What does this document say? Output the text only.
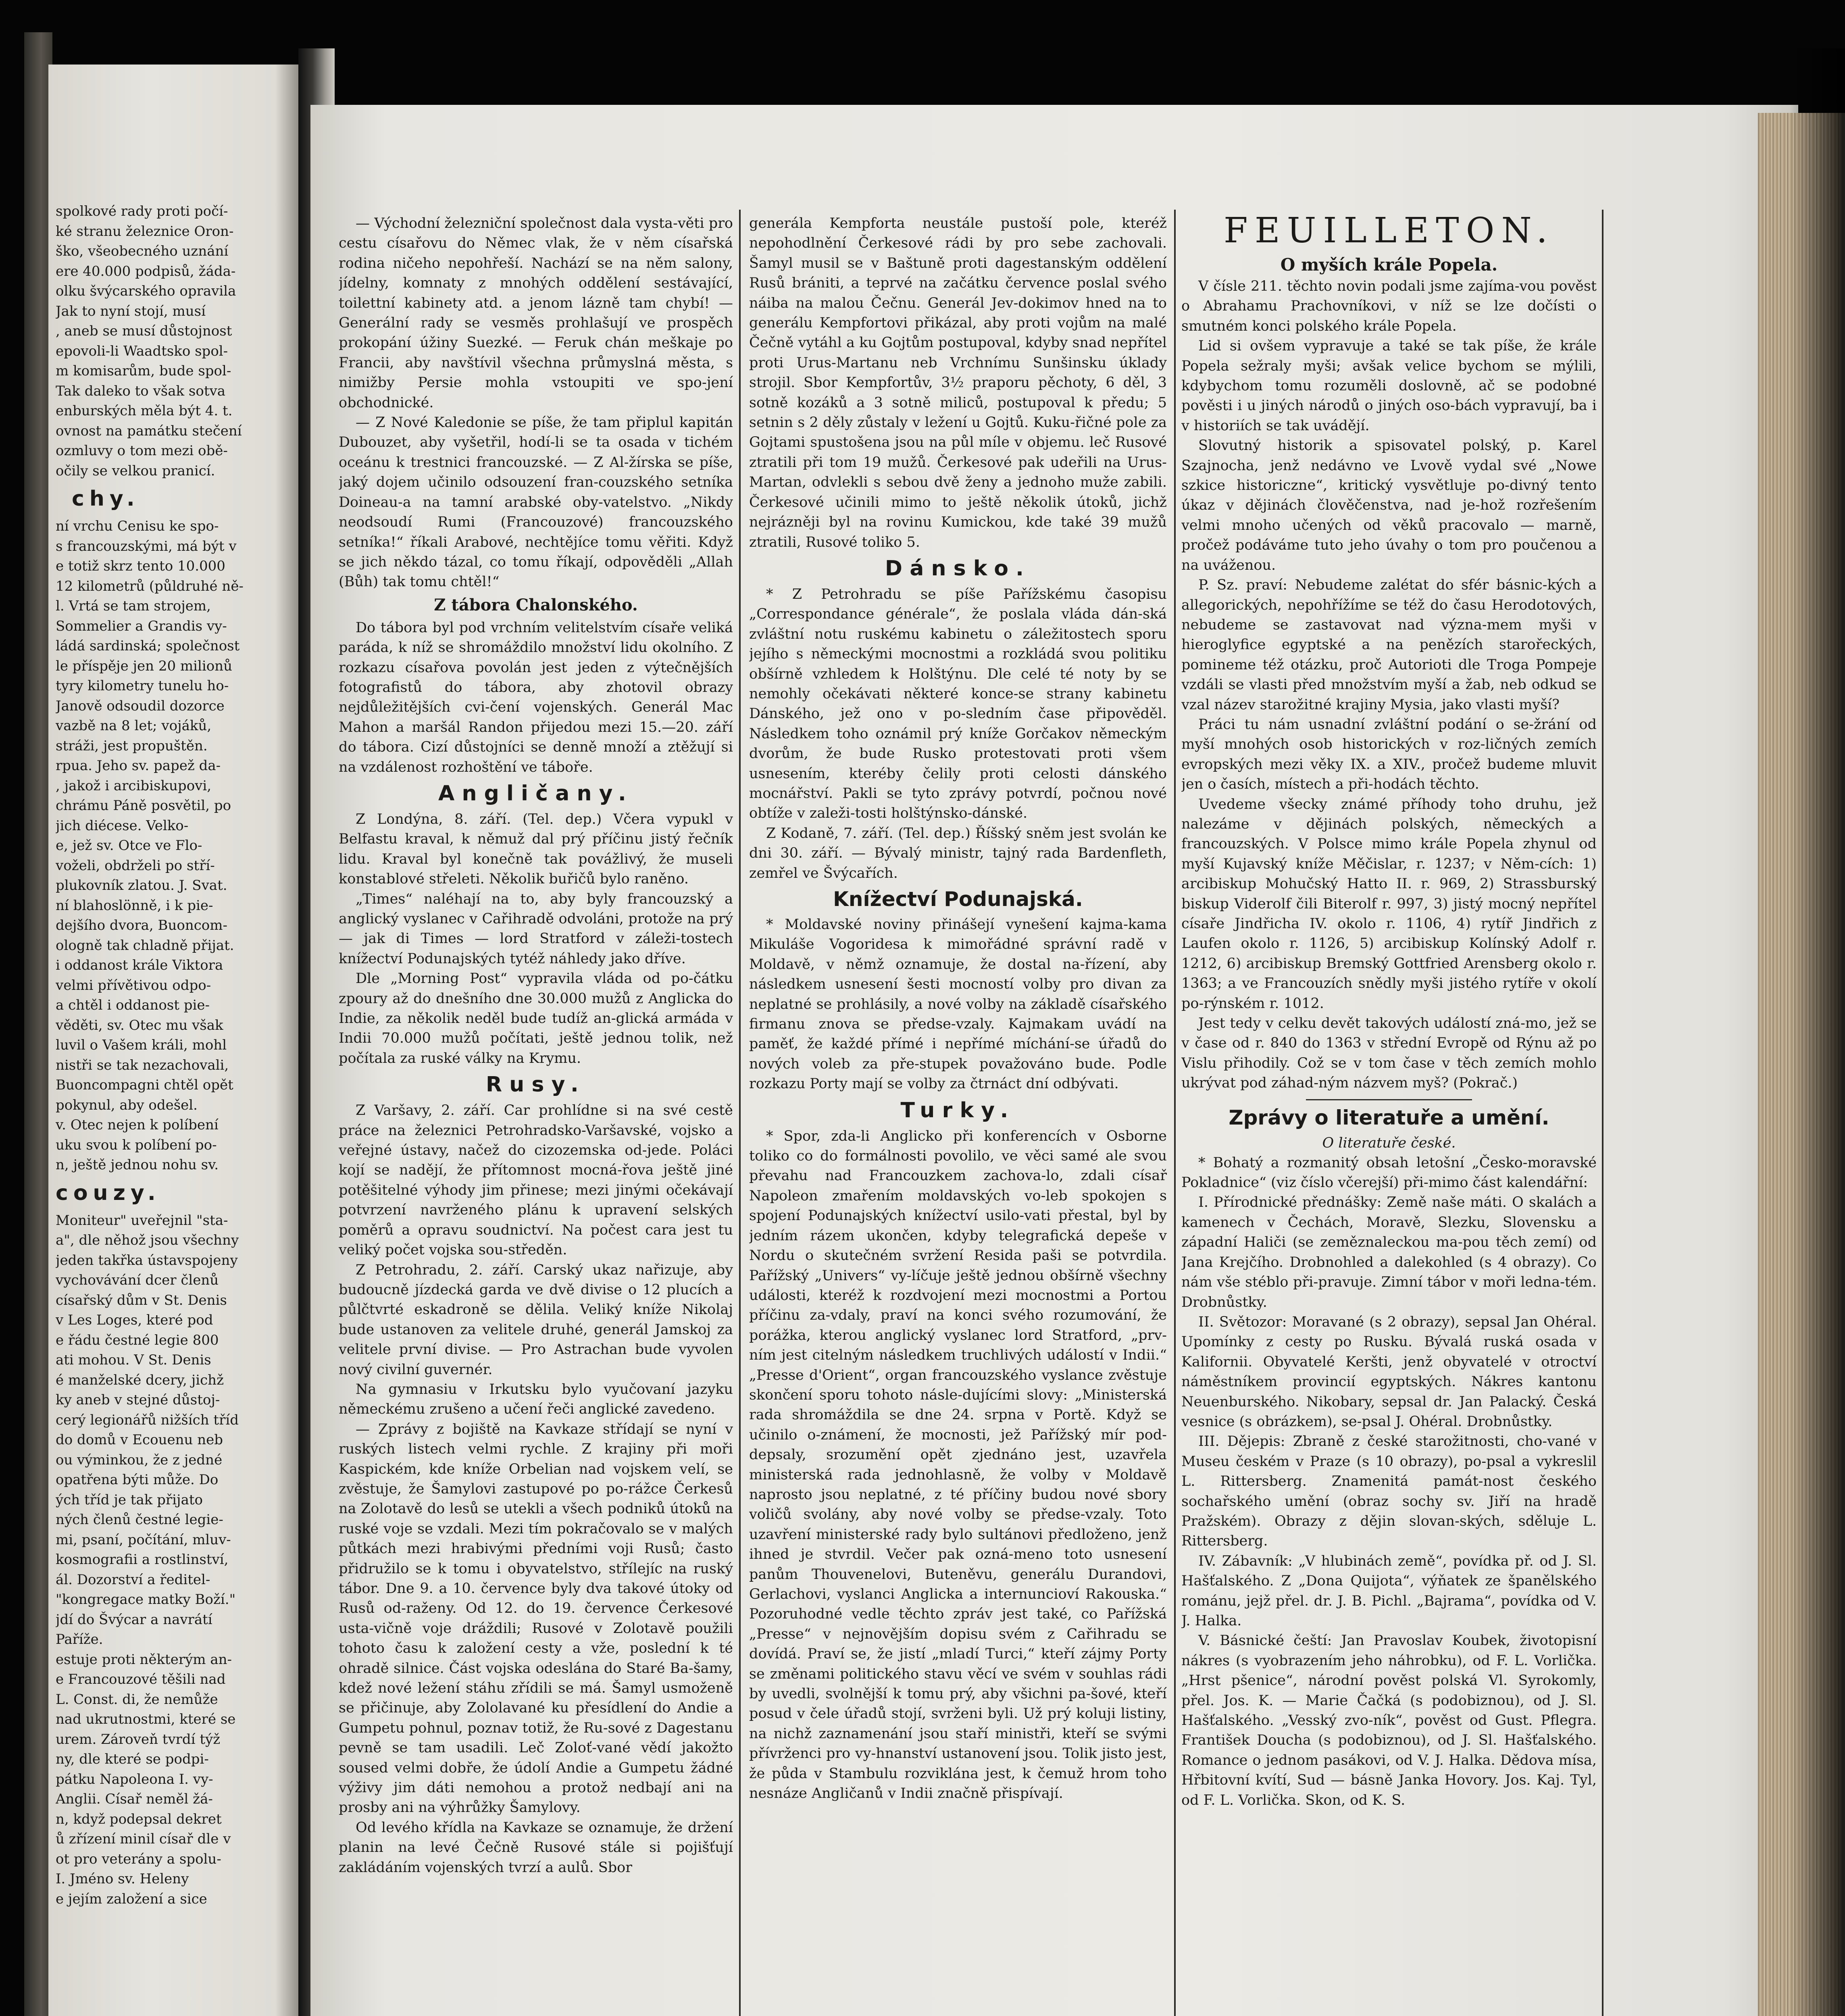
spolkové rady proti počí-
ké stranu železnice Oron-
ško, všeobecného uznání
ere 40.000 podpisů, žáda-
olku švýcarského opravila
Jak to nyní stojí, musí
, aneb se musí důstojnost
epovoli-li Waadtsko spol-
m komisarům, bude spol-
Tak daleko to však sotva
enburských měla být 4. t.
ovnost na památku stečení
ozmluvy o tom mezi obě-
očily se velkou pranicí.
chy.
ní vrchu Cenisu ke spo-
s francouzskými, má být v
e totiž skrz tento 10.000
12 kilometrů (půldruhé ně-
l. Vrtá se tam strojem,
Sommelier a Grandis vy-
ládá sardinská; společnost
le příspěje jen 20 milionů
tyry kilometry tunelu ho-
Janově odsoudil dozorce
vazbě na 8 let; vojáků,
stráži, jest propuštěn.
rpua. Jeho sv. papež da-
, jakož i arcibiskupovi,
chrámu Páně posvětil, po
jich diécese. Velko-
e, jež sv. Otce ve Flo-
voželi, obdrželi po stří-
plukovník zlatou. J. Svat.
ní blahoslönně, i k pie-
dejšího dvora, Buoncom-
ologně tak chladně přijat.
i oddanost krále Viktora
velmi přívětivou odpo-
a chtěl i oddanost pie-
věděti, sv. Otec mu však
luvil o Vašem králi, mohl
nistři se tak nezachovali,
Buoncompagni chtěl opět
pokynul, aby odešel.
v. Otec nejen k políbení
uku svou k políbení po-
n, ještě jednou nohu sv.
couzy.
Moniteur" uveřejnil "sta-
a", dle něhož jsou všechny
jeden takřka ústavspojeny
vychovávání dcer členů
císařský dům v St. Denis
v Les Loges, které pod
e řádu čestné legie 800
ati mohou. V St. Denis
é manželské dcery, jichž
ky aneb v stejné důstoj-
cerý legionářů nižších tříd
do domů v Ecouenu neb
ou výminkou, že z jedné
opatřena býti může. Do
ých tříd je tak přijato
ných členů čestné legie-
mi, psaní, počítání, mluv-
kosmografii a rostlinství,
ál. Dozorství a ředitel-
"kongregace matky Boží."
jdí do Švýcar a navrátí
Paříže.
estuje proti některým an-
e Francouzové těšili nad
L. Const. di, že nemůže
nad ukrutnostmi, které se
urem. Zároveň tvrdí týž
ny, dle které se podpi-
pátku Napoleona I. vy-
Anglii. Císař neměl žá-
n, když podepsal dekret
ů zřízení minil císař dle v
ot pro veterány a spolu-
I. Jméno sv. Heleny
e jejím založení a sice

— Východní železniční společnost dala vysta-věti pro cestu císařovu do Němec vlak, že v něm císařská rodina ničeho nepohřeší. Nachází se na něm salony, jídelny, komnaty z mnohých oddělení sestávající, toilettní kabinety atd. a jenom lázně tam chybí! — Generální rady se vesměs prohlašují ve prospěch prokopání úžiny Suezké. — Feruk chán meškaje po Francii, aby navštívil všechna průmyslná města, s nimižby Persie mohla vstoupiti ve spo-jení obchodnické.

— Z Nové Kaledonie se píše, že tam připlul kapitán Dubouzet, aby vyšetřil, hodí-li se ta osada v tichém oceánu k trestnici francouzské. — Z Al-žírska se píše, jaký dojem učinilo odsouzení fran-couzského setníka Doineau-a na tamní arabské oby-vatelstvo. „Nikdy neodsoudí Rumi (Francouzové) francouzského setníka!“ říkali Arabové, nechtějíce tomu věřiti. Když se jich někdo tázal, co tomu říkají, odpověděli „Allah (Bůh) tak tomu chtěl!“

Z tábora Chalonského.

Do tábora byl pod vrchním velitelstvím císaře veliká paráda, k níž se shromáždilo množství lidu okolního. Z rozkazu císařova povolán jest jeden z výtečnějších fotografistů do tábora, aby zhotovil obrazy nejdůležitějších cvi-čení vojenských. Generál Mac Mahon a maršál Randon přijedou mezi 15.—20. září do tábora. Cizí důstojníci se denně množí a ztěžují si na vzdálenost rozhoštění ve táboře.

Angličany.

Z Londýna, 8. září. (Tel. dep.) Včera vypukl v Belfastu kraval, k němuž dal prý příčinu jistý řečník lidu. Kraval byl konečně tak povážlivý, že museli konstablové střeleti. Několik buřičů bylo raněno.

„Times“ naléhají na to, aby byly francouzský a anglický vyslanec v Cařihradě odvoláni, protože na prý — jak di Times — lord Stratford v záleži-tostech knížectví Podunajských tytéž náhledy jako dříve.

Dle „Morning Post“ vypravila vláda od po-čátku zpoury až do dnešního dne 30.000 mužů z Anglicka do Indie, za několik neděl bude tudíž an-glická armáda v Indii 70.000 mužů počítati, ještě jednou tolik, než počítala za ruské války na Krymu.

Rusy.

Z Varšavy, 2. září. Car prohlídne si na své cestě práce na železnici Petrohradsko-Varšavské, vojsko a veřejné ústavy, načež do cizozemska od-jede. Poláci kojí se nadějí, že přítomnost mocná-řova ještě jiné potěšitelné výhody jim přinese; mezi jinými očekávají potvrzení navrženého plánu k upravení selských poměrů a opravu soudnictví. Na počest cara jest tu veliký počet vojska sou-středěn.

Z Petrohradu, 2. září. Carský ukaz nařizuje, aby budoucně jízdecká garda ve dvě divise o 12 plucích a půlčtvrté eskadroně se dělila. Veliký kníže Nikolaj bude ustanoven za velitele druhé, generál Jamskoj za velitele první divise. — Pro Astrachan bude vyvolen nový civilní guvernér.

Na gymnasiu v Irkutsku bylo vyučovaní jazyku německému zrušeno a učení řeči anglické zavedeno.

— Zprávy z bojiště na Kavkaze střídají se nyní v ruských listech velmi rychle. Z krajiny při moři Kaspickém, kde kníže Orbelian nad vojskem velí, se zvěstuje, že Šamylovi zastupové po po-rážce Čerkesů na Zolotavě do lesů se utekli a všech podniků útoků na ruské voje se vzdali. Mezi tím pokračovalo se v malých půtkách mezi hrabivými předními voji Rusů; často přidružilo se k tomu i obyvatelstvo, střílejíc na ruský tábor. Dne 9. a 10. července byly dva takové útoky od Rusů od-raženy. Od 12. do 19. července Čerkesové usta-vičně voje dráždili; Rusové v Zolotavě použili tohoto času k založení cesty a vže, poslední k té ohradě silnice. Část vojska odeslána do Staré Ba-šamy, kdež nové ležení stáhu zřídili se má. Šamyl usmoženě se přičinuje, aby Zololavané ku přesídlení do Andie a Gumpetu pohnul, poznav totiž, že Ru-sové z Dagestanu pevně se tam usadili. Leč Zoloť-vané vědí jakožto soused velmi dobře, že údolí Andie a Gumpetu žádné výživy jim dáti nemohou a protož nedbají ani na prosby ani na výhrůžky Šamylovy.

Od levého křídla na Kavkaze se oznamuje, že držení planin na levé Čečně Rusové stále si pojišťují zakládáním vojenských tvrzí a aulů. Sbor

generála Kempforta neustále pustoší pole, kteréž nepohodlnění Čerkesové rádi by pro sebe zachovali. Šamyl musil se v Baštuně proti dagestanským oddělení Rusů brániti, a teprvé na začátku července poslal svého náiba na malou Čečnu. Generál Jev-dokimov hned na to generálu Kempfortovi přikázal, aby proti vojům na malé Čečně vytáhl a ku Gojtům postupoval, kdyby snad nepřítel proti Urus-Martanu neb Vrchnímu Sunšinsku úklady strojil. Sbor Kempfortův, 3½ praporu pěchoty, 6 děl, 3 sotně kozáků a 3 sotně miliců, postupoval k předu; 5 setnin s 2 děly zůstaly v ležení u Gojtů. Kuku-řičné pole za Gojtami spustošena jsou na půl míle v objemu. leč Rusové ztratili při tom 19 mužů. Čerkesové pak udeřili na Urus-Martan, odvlekli s sebou dvě ženy a jednoho muže zabili. Čerkesové učinili mimo to ještě několik útoků, jichž nejrázněji byl na rovinu Kumickou, kde také 39 mužů ztratili, Rusové toliko 5.

Dánsko.

* Z Petrohradu se píše Pařížskému časopisu „Correspondance générale“, že poslala vláda dán-ská zvláštní notu ruskému kabinetu o záležitostech sporu jejího s německými mocnostmi a rozkládá svou politiku obšírně vzhledem k Holštýnu. Dle celé té noty by se nemohly očekávati některé konce-se strany kabinetu Dánského, jež ono v po-sledním čase připověděl. Následkem toho oznámil prý kníže Gorčakov německým dvorům, že bude Rusko protestovati proti všem usnesením, kterébу čelily proti celosti dánského mocnářství. Pakli se tyto zprávy potvrdí, počnou nové obtíže v zaleži-tosti holštýnsko-dánské.

Z Kodaně, 7. září. (Tel. dep.) Říšský sněm jest svolán ke dni 30. září. — Bývalý ministr, tajný rada Bardenfleth, zemřel ve Švýcařích.

Knížectví Podunajská.

* Moldavské noviny přinášejí vynešení kajma-kama Mikuláše Vogoridesa k mimořádné správní radě v Moldavě, v němž oznamuje, že dostal na-řízení, aby následkem usnesení šesti mocností volby pro divan za neplatné se prohlásily, a nové volby na základě císařského firmanu znova se předse-vzaly. Kajmakam uvádí na paměť, že každé přímé i nepřímé míchání-se úřadů do nových voleb za pře-stupek považováno bude. Podle rozkazu Porty mají se volby za čtrnáct dní odbývati.

Turky.

* Spor, zda-li Anglicko při konferencích v Osborne toliko co do formálnosti povolilo, ve věci samé ale svou převahu nad Francouzkem zachova-lo, zdali císař Napoleon zmařením moldavských vo-leb spokojen s spojení Podunajských knížectví usilo-vati přestal, byl by jedním rázem ukončen, kdyby telegrafická depeše v Nordu o skutečném svržení Resida paši se potvrdila. Pařížský „Univers“ vy-líčuje ještě jednou obšírně všechny události, kteréž k rozdvojení mezi mocnostmi a Portou příčinu za-vdaly, praví na konci svého rozumování, že porážka, kterou anglický vyslanec lord Stratford, „prv-ním jest citelným následkem truchlivých událostí v Indii.“ „Presse d'Orient“, organ francouzského vyslance zvěstuje skončení sporu tohoto násle-dujícími slovy: „Ministerská rada shromáždila se dne 24. srpna v Portě. Když se učinilo o-známení, že mocnosti, jež Pařížský mír pod-depsaly, srozumění opět zjednáno jest, uzavřela ministerská rada jednohlasně, že volby v Moldavě naprosto jsou neplatné, z té příčiny budou nové sborу voličů svolány, aby nové volby se předse-vzaly. Toto uzavření ministerské rady bylo sultánovi předloženo, jenž ihned je stvrdil. Večer pak ozná-meno toto usnesení panům Thouvenelovi, Buteněvu, generálu Durandovi, Gerlachovi, vyslanci Anglicka a internuncioví Rakouska.“ Pozoruhodné vedle těchto zpráv jest také, co Pařížská „Presse“ v nejnovějším dopisu svém z Cařihradu se dovídá. Praví se, že jistí „mladí Turci,“ kteří zájmy Porty se změnami politického stavu věcí ve svém v souhlas rádi by uvedli, svolnější k tomu prý, aby všichni pa-šové, kteří posud v čele úřadů stojí, svrženi byli. Už prý koluji listiny, na nichž zaznamenání jsou staří ministři, kteří se svými přívrženci pro vy-hnanství ustanovení jsou. Tolik jisto jest, že půda v Stambulu rozviklána jest, k čemuž hrom toho nesnáze Angličanů v Indii značně přispívají.

FEUILLETON.
O myších krále Popela.

V čísle 211. těchto novin podali jsme zajíma-vou pověst o Abrahamu Prachovníkovi, v níž se lze dočísti o smutném konci polského krále Popela.

Lid si ovšem vypravuje a také se tak píše, že krále Popela sežraly myši; avšak velice bychom se mýlili, kdybychom tomu rozuměli doslovně, ač se podobné pověsti i u jiných národů o jiných oso-bách vypravují, ba i v historiích se tak uvádějí.

Slovutný historik a spisovatel polský, p. Karel Szajnocha, jenž nedávno ve Lvově vydal své „Nowe szkice historiczne“, kritický vysvětluje po-divný tento úkaz v dějinách člověčenstva, nad je-hož rozřešením velmi mnoho učených od věků pracovalo — marně, pročež podáváme tuto jeho úvahy o tom pro poučenou a na uváženou.

P. Sz. praví: Nebudeme zalétat do sfér básnic-kých a allegorických, nepohřížíme se též do času Herodotových, nebudeme se zastavovat nad význa-mem myši v hieroglyfice egyptské a na penězích starořeckých, pomineme též otázku, proč Autorioti dle Troga Pompeje vzdáli se vlasti před množstvím myší a žab, neb odkud se vzal název starožitné krajiny Mysia, jako vlasti myší?

Práci tu nám usnadní zvláštní podání o se-žrání od myší mnohých osob historických v roz-ličných zemích evropských mezi věky IX. a XIV., pročež budeme mluvit jen o časích, místech a při-hodách těchto.

Uvedeme všecky známé příhody toho druhu, jež nalezáme v dějinách polských, německých a francouzských. V Polsce mimo krále Popela zhynul od myší Kujavský kníže Měčislar, r. 1237; v Něm-cích: 1) arcibiskup Mohučský Hatto II. r. 969, 2) Strassburský biskup Viderolf čili Biterolf r. 997, 3) jistý mocný nepřítel císaře Jindřicha IV. okolo r. 1106, 4) rytíř Jindřich z Laufen okolo r. 1126, 5) arcibiskup Kolínský Adolf r. 1212, 6) arcibiskup Bremský Gottfried Arensberg okolo r. 1363; a ve Francouzích snědly myši jistého rytíře v okolí po-rýnském r. 1012.

Jest tedy v celku devět takových událostí zná-mo, jež se v čase od r. 840 do 1363 v střední Evropě od Rýnu až po Vislu přihodily. Což se v tom čase v těch zemích mohlo ukrývat pod záhad-ným názvem myš? (Pokrač.)

Zprávy o literatuře a umění.
O literatuře české.

* Bohatý a rozmanitý obsah letošní „Česko-moravské Pokladnice“ (viz číslo včerejší) při-mimo část kalendářní:

I. Přírodnické přednášky: Země naše máti. O skalách a kamenech v Čechách, Moravě, Slezku, Slovensku a západní Haliči (se zeměznaleckou ma-pou těch zemí) od Jana Krejčího. Drobnohled a dalekohled (s 4 obrazy). Co nám vše stéblo při-pravuje. Zimní tábor v moři ledna-tém. Drobnůstky.

II. Světozor: Moravané (s 2 obrazy), sepsal Jan Ohéral. Upomínky z cesty po Rusku. Bývalá ruská osada v Kalifornii. Obyvatelé Keršti, jenž obyvatelé v otroctví náměstníkem provincií egyptských. Nákres kantonu Neuenburského. Nikobary, sepsal dr. Jan Palacký. Česká vesnice (s obrázkem), se-psal J. Ohéral. Drobnůstky.

III. Dějepis: Zbraně z české starožitnosti, cho-vané v Museu českém v Praze (s 10 obrazy), po-psal a vykreslil L. Rittersberg. Znamenitá památ-nost českého sochařského umění (obraz sochy sv. Jiří na hradě Pražském). Obrazy z dějin slovan-ských, sděluje L. Rittersberg.

IV. Zábavník: „V hlubinách země“, povídka př. od J. Sl. Hašťalského. Z „Dona Quijota“, výňatek ze španělského románu, jejž přel. dr. J. B. Pichl. „Bajrama“, povídka od V. J. Halka.

V. Básnické čeští: Jan Pravoslav Koubek, životopisní nákres (s vyobrazením jeho náhrobku), od F. L. Vorlička. „Hrst pšenice“, národní pověst polská Vl. Syrokomly, přel. Jos. K. — Marie Čačká (s podobiznou), od J. Sl. Hašťalského. „Vesský zvo-ník“, pověst od Gust. Pflegra. František Doucha (s podobiznou), od J. Sl. Hašťalského. Romance o jednom pasákovi, od V. J. Halka. Dědova mísa, Hřbitovní kvítí, Sud — básně Janka Hovory. Jos. Kaj. Tyl, od F. L. Vorlička. Skon, od K. S.
